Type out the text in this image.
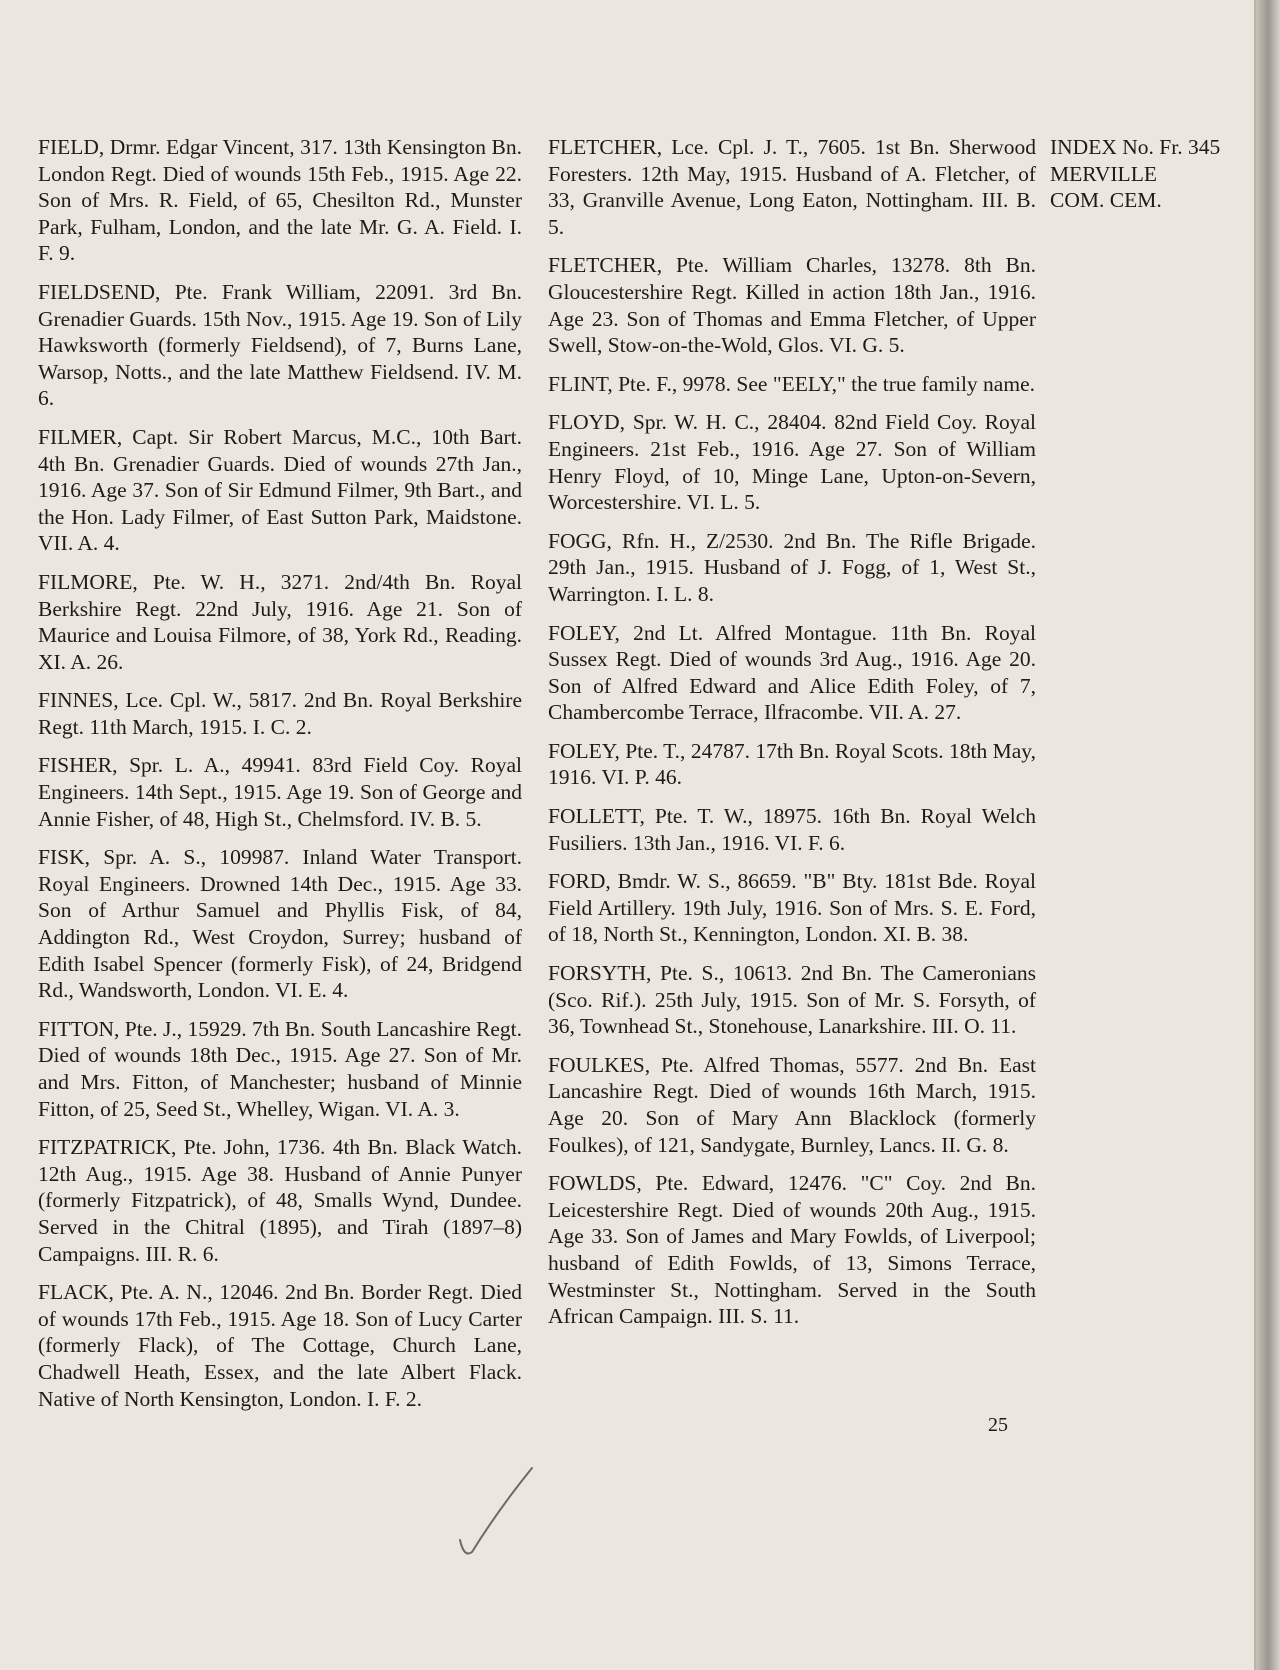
FIELD, Drmr. Edgar Vincent, 317. 13th Kensington Bn. London Regt. Died of wounds 15th Feb., 1915. Age 22. Son of Mrs. R. Field, of 65, Chesilton Rd., Munster Park, Fulham, London, and the late Mr. G. A. Field. I. F. 9.

FIELDSEND, Pte. Frank William, 22091. 3rd Bn. Grenadier Guards. 15th Nov., 1915. Age 19. Son of Lily Hawksworth (formerly Fieldsend), of 7, Burns Lane, Warsop, Notts., and the late Matthew Fieldsend. IV. M. 6.

FILMER, Capt. Sir Robert Marcus, M.C., 10th Bart. 4th Bn. Grenadier Guards. Died of wounds 27th Jan., 1916. Age 37. Son of Sir Edmund Filmer, 9th Bart., and the Hon. Lady Filmer, of East Sutton Park, Maidstone. VII. A. 4.

FILMORE, Pte. W. H., 3271. 2nd/4th Bn. Royal Berkshire Regt. 22nd July, 1916. Age 21. Son of Maurice and Louisa Filmore, of 38, York Rd., Reading. XI. A. 26.

FINNES, Lce. Cpl. W., 5817. 2nd Bn. Royal Berkshire Regt. 11th March, 1915. I. C. 2.

FISHER, Spr. L. A., 49941. 83rd Field Coy. Royal Engineers. 14th Sept., 1915. Age 19. Son of George and Annie Fisher, of 48, High St., Chelmsford. IV. B. 5.

FISK, Spr. A. S., 109987. Inland Water Transport. Royal Engineers. Drowned 14th Dec., 1915. Age 33. Son of Arthur Samuel and Phyllis Fisk, of 84, Addington Rd., West Croydon, Surrey; husband of Edith Isabel Spencer (formerly Fisk), of 24, Bridgend Rd., Wandsworth, London. VI. E. 4.

FITTON, Pte. J., 15929. 7th Bn. South Lancashire Regt. Died of wounds 18th Dec., 1915. Age 27. Son of Mr. and Mrs. Fitton, of Manchester; husband of Minnie Fitton, of 25, Seed St., Whelley, Wigan. VI. A. 3.

FITZPATRICK, Pte. John, 1736. 4th Bn. Black Watch. 12th Aug., 1915. Age 38. Husband of Annie Punyer (formerly Fitzpatrick), of 48, Smalls Wynd, Dundee. Served in the Chitral (1895), and Tirah (1897–8) Campaigns. III. R. 6.

FLACK, Pte. A. N., 12046. 2nd Bn. Border Regt. Died of wounds 17th Feb., 1915. Age 18. Son of Lucy Carter (formerly Flack), of The Cottage, Church Lane, Chadwell Heath, Essex, and the late Albert Flack. Native of North Kensington, London. I. F. 2.

FLETCHER, Lce. Cpl. J. T., 7605. 1st Bn. Sherwood Foresters. 12th May, 1915. Husband of A. Fletcher, of 33, Granville Avenue, Long Eaton, Nottingham. III. B. 5.

FLETCHER, Pte. William Charles, 13278. 8th Bn. Gloucestershire Regt. Killed in action 18th Jan., 1916. Age 23. Son of Thomas and Emma Fletcher, of Upper Swell, Stow-on-the-Wold, Glos. VI. G. 5.

FLINT, Pte. F., 9978. See "EELY," the true family name.

FLOYD, Spr. W. H. C., 28404. 82nd Field Coy. Royal Engineers. 21st Feb., 1916. Age 27. Son of William Henry Floyd, of 10, Minge Lane, Upton-on-Severn, Worcestershire. VI. L. 5.

FOGG, Rfn. H., Z/2530. 2nd Bn. The Rifle Brigade. 29th Jan., 1915. Husband of J. Fogg, of 1, West St., Warrington. I. L. 8.

FOLEY, 2nd Lt. Alfred Montague. 11th Bn. Royal Sussex Regt. Died of wounds 3rd Aug., 1916. Age 20. Son of Alfred Edward and Alice Edith Foley, of 7, Chambercombe Terrace, Ilfracombe. VII. A. 27.

FOLEY, Pte. T., 24787. 17th Bn. Royal Scots. 18th May, 1916. VI. P. 46.

FOLLETT, Pte. T. W., 18975. 16th Bn. Royal Welch Fusiliers. 13th Jan., 1916. VI. F. 6.

FORD, Bmdr. W. S., 86659. "B" Bty. 181st Bde. Royal Field Artillery. 19th July, 1916. Son of Mrs. S. E. Ford, of 18, North St., Kennington, London. XI. B. 38.

FORSYTH, Pte. S., 10613. 2nd Bn. The Cameronians (Sco. Rif.). 25th July, 1915. Son of Mr. S. Forsyth, of 36, Townhead St., Stonehouse, Lanarkshire. III. O. 11.

FOULKES, Pte. Alfred Thomas, 5577. 2nd Bn. East Lancashire Regt. Died of wounds 16th March, 1915. Age 20. Son of Mary Ann Blacklock (formerly Foulkes), of 121, Sandygate, Burnley, Lancs. II. G. 8.

FOWLDS, Pte. Edward, 12476. "C" Coy. 2nd Bn. Leicestershire Regt. Died of wounds 20th Aug., 1915. Age 33. Son of James and Mary Fowlds, of Liverpool; husband of Edith Fowlds, of 13, Simons Terrace, Westminster St., Nottingham. Served in the South African Campaign. III. S. 11.

INDEX No. Fr. 345
MERVILLE
COM. CEM.
25
